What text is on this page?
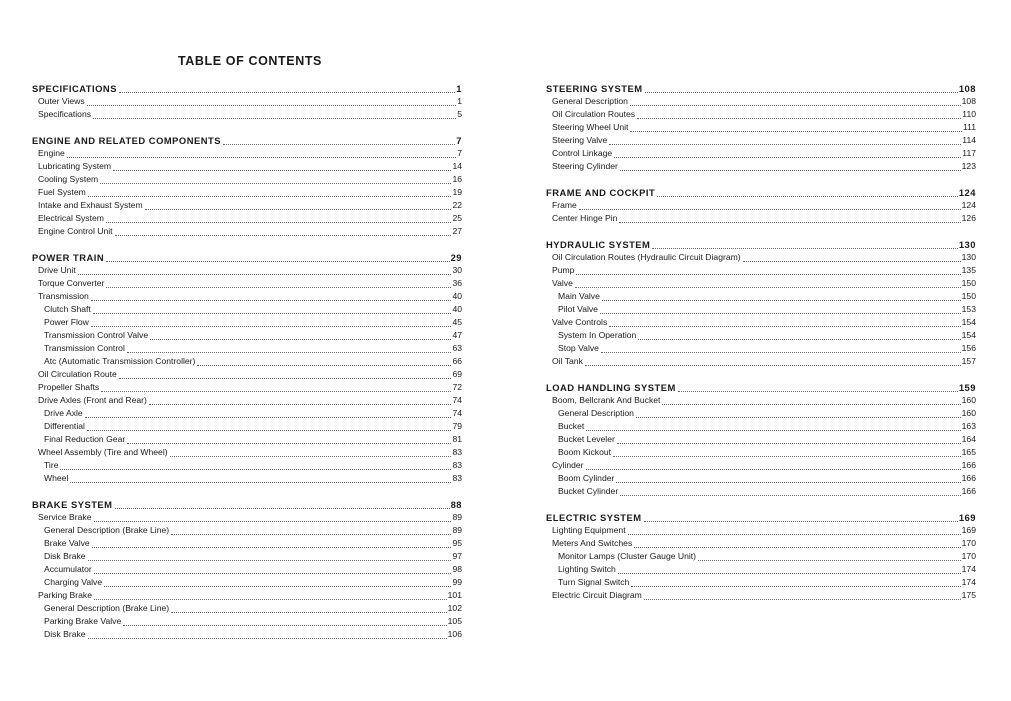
TABLE OF CONTENTS
SPECIFICATIONS	1
Outer Views	1
Specifications	5
ENGINE AND RELATED COMPONENTS	7
Engine	7
Lubricating System	14
Cooling System	16
Fuel System	19
Intake and Exhaust System	22
Electrical System	25
Engine Control Unit	27
POWER TRAIN	29
Drive Unit	30
Torque Converter	36
Transmission	40
Clutch Shaft	40
Power Flow	45
Transmission Control Valve	47
Transmission Control	63
Atc (Automatic Transmission Controller)	66
Oil Circulation Route	69
Propeller Shafts	72
Drive Axles (Front and Rear)	74
Drive Axle	74
Differential	79
Final Reduction Gear	81
Wheel Assembly (Tire and Wheel)	83
Tire	83
Wheel	83
BRAKE SYSTEM	88
Service Brake	89
General Description (Brake Line)	89
Brake Valve	95
Disk Brake	97
Accumulator	98
Charging Valve	99
Parking Brake	101
General Description (Brake Line)	102
Parking Brake Valve	105
Disk Brake	106
STEERING SYSTEM	108
General Description	108
Oil Circulation Routes	110
Steering Wheel Unit	111
Steering Valve	114
Control Linkage	117
Steering Cylinder	123
FRAME AND COCKPIT	124
Frame	124
Center Hinge Pin	126
HYDRAULIC SYSTEM	130
Oil Circulation Routes (Hydraulic Circuit Diagram)	130
Pump	135
Valve	150
Main Valve	150
Pilot Valve	153
Valve Controls	154
System In Operation	154
Stop Valve	156
Oil Tank	157
LOAD HANDLING SYSTEM	159
Boom, Bellcrank And Bucket	160
General Description	160
Bucket	163
Bucket Leveler	164
Boom Kickout	165
Cylinder	166
Boom Cylinder	166
Bucket Cylinder	166
ELECTRIC SYSTEM	169
Lighting Equipment	169
Meters And Switches	170
Monitor Lamps (Cluster Gauge Unit)	170
Lighting Switch	174
Turn Signal Switch	174
Electric Circuit Diagram	175
